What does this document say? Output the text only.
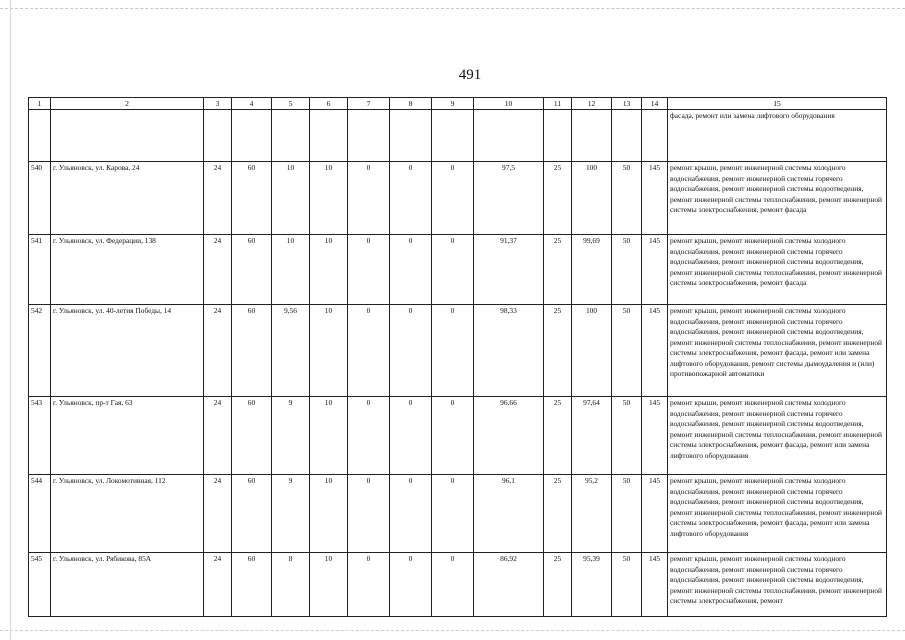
491
1	2	3	4	5	6	7	8	9	10	11	12	13	14	15
														фасада, ремонт или замена лифтового оборудования
540	г. Ульяновск, ул. Карова, 24	24	60	10	10	0	0	0	97,5	25	100	50	145	ремонт крыши, ремонт инженерной системы холодного водоснабжения, ремонт инженерной системы горячего водоснабжения, ремонт инженерной системы водоотведения, ремонт инженерной системы теплоснабжения, ремонт инженерной системы электроснабжения, ремонт фасада
541	г. Ульяновск, ул. Федерации, 138	24	60	10	10	0	0	0	91,37	25	99,69	50	145	ремонт крыши, ремонт инженерной системы холодного водоснабжения, ремонт инженерной системы горячего водоснабжения, ремонт инженерной системы водоотведения, ремонт инженерной системы теплоснабжения, ремонт инженерной системы электроснабжения, ремонт фасада
542	г. Ульяновск, ул. 40-летия Победы, 14	24	60	9,56	10	0	0	0	98,33	25	100	50	145	ремонт крыши, ремонт инженерной системы холодного водоснабжения, ремонт инженерной системы горячего водоснабжения, ремонт инженерной системы водоотведения, ремонт инженерной системы теплоснабжения, ремонт инженерной системы электроснабжения, ремонт фасада, ремонт или замена лифтового оборудования, ремонт системы дымоудаления и (или) противопожарной автоматики
543	г. Ульяновск, пр-т Гая, 63	24	60	9	10	0	0	0	96,66	25	97,64	50	145	ремонт крыши, ремонт инженерной системы холодного водоснабжения, ремонт инженерной системы горячего водоснабжения, ремонт инженерной системы водоотведения, ремонт инженерной системы теплоснабжения, ремонт инженерной системы электроснабжения, ремонт фасада, ремонт или замена лифтового оборудования
544	г. Ульяновск, ул. Локомотивная, 112	24	60	9	10	0	0	0	96,1	25	95,2	50	145	ремонт крыши, ремонт инженерной системы холодного водоснабжения, ремонт инженерной системы горячего водоснабжения, ремонт инженерной системы водоотведения, ремонт инженерной системы теплоснабжения, ремонт инженерной системы электроснабжения, ремонт фасада, ремонт или замена лифтового оборудования
545	г. Ульяновск, ул. Рябикова, 85А	24	60	8	10	0	0	0	86,92	25	95,39	50	145	ремонт крыши, ремонт инженерной системы холодного водоснабжения, ремонт инженерной системы горячего водоснабжения, ремонт инженерной системы водоотведения, ремонт инженерной системы теплоснабжения, ремонт инженерной системы электроснабжения, ремонт
